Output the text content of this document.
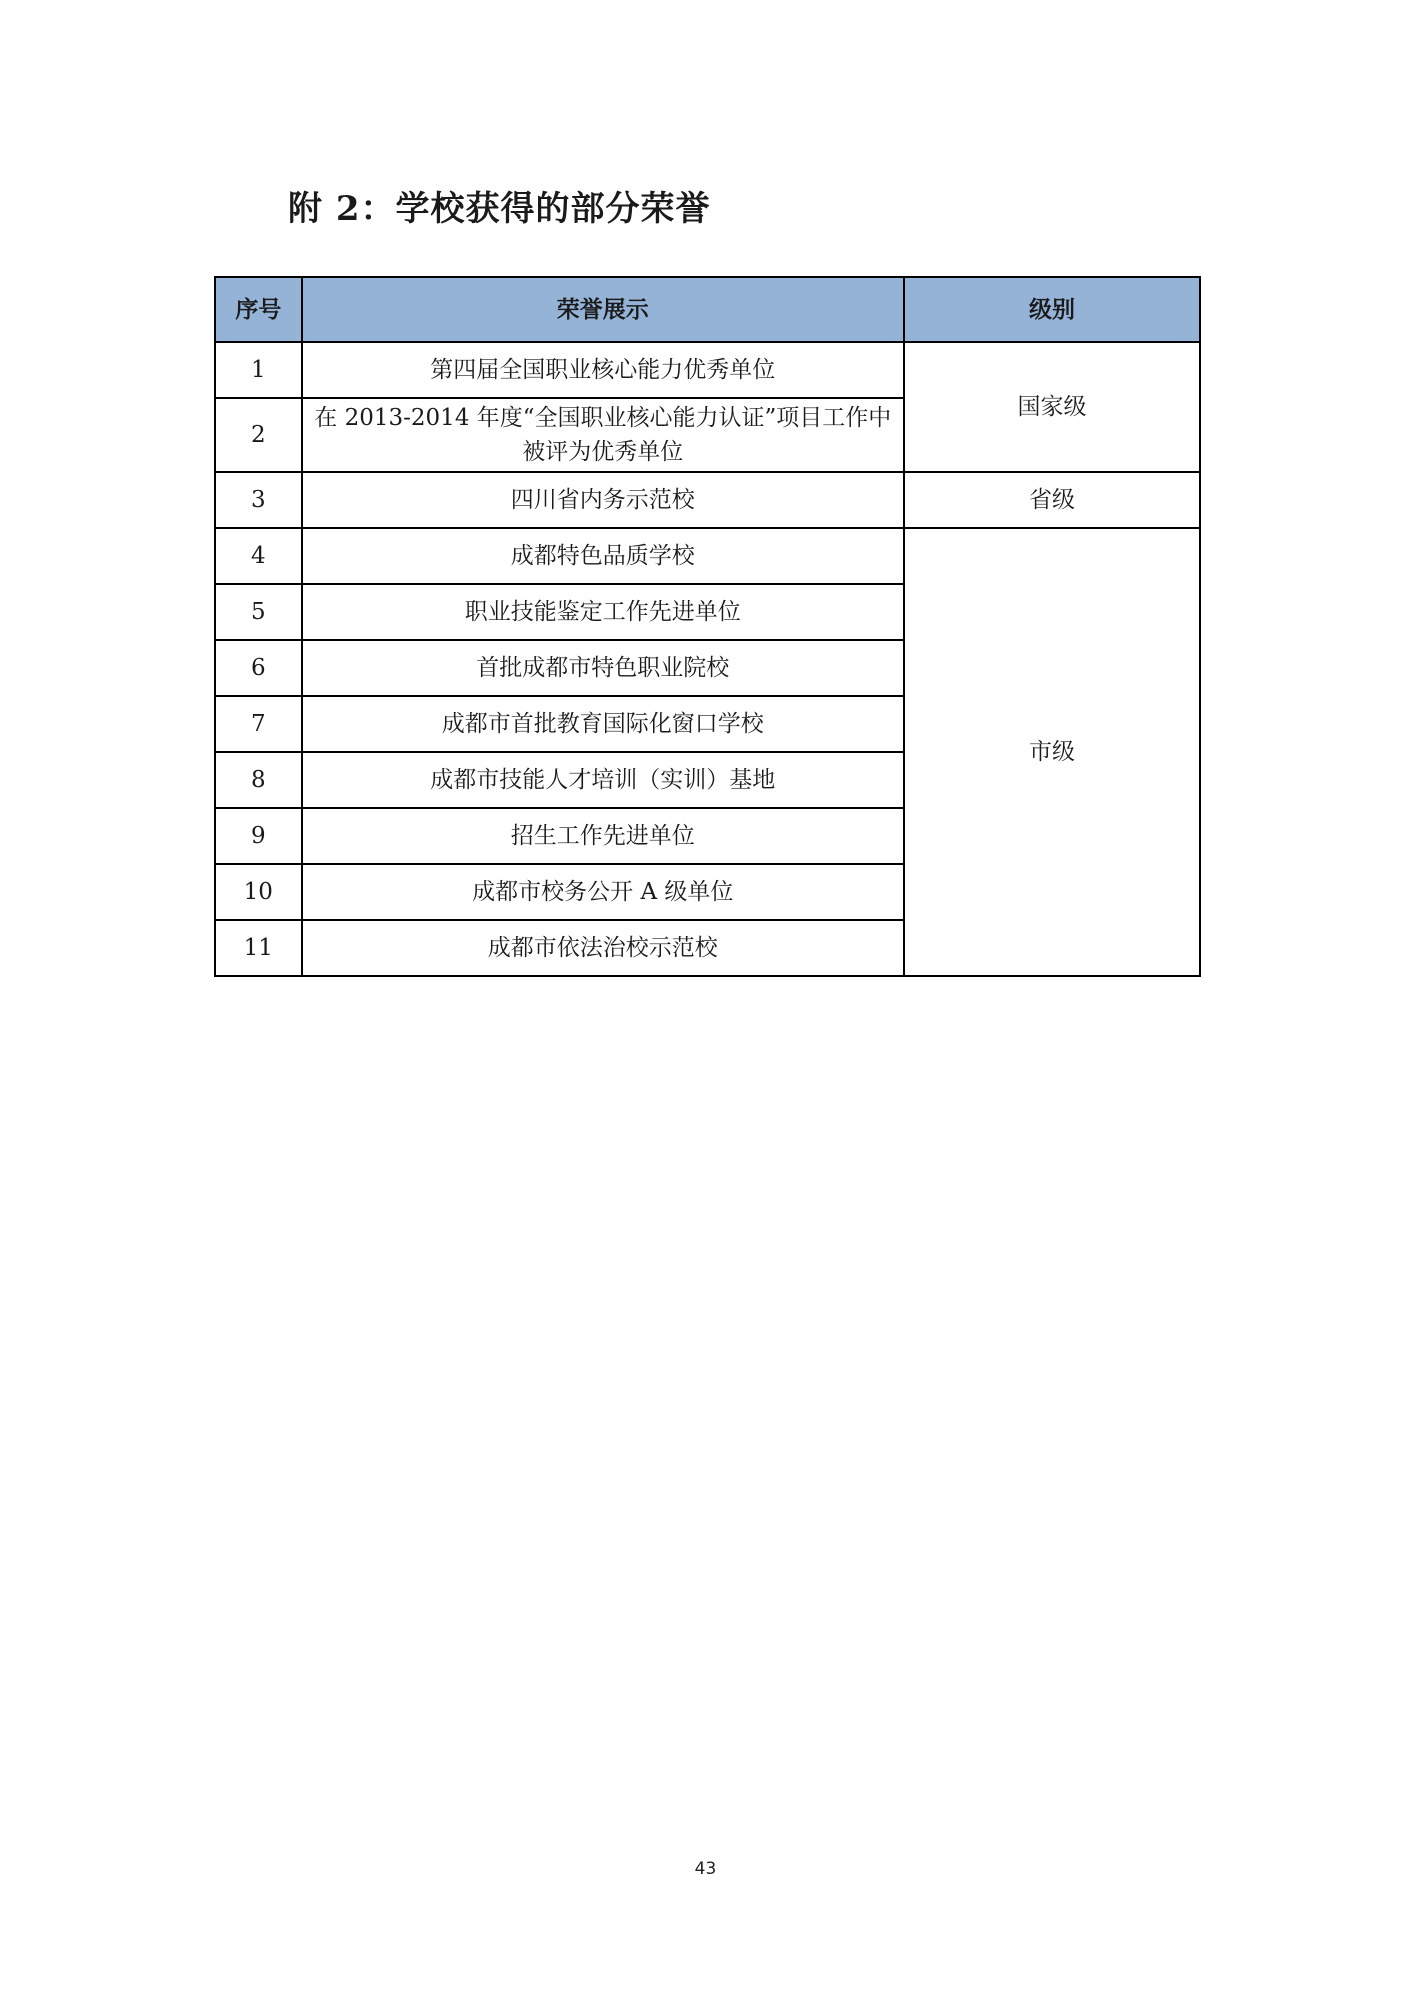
附 2：学校获得的部分荣誉
序号	荣誉展示	级别
1	第四届全国职业核心能力优秀单位	国家级
2	在 2013-2014 年度“全国职业核心能力认证”项目工作中被评为优秀单位	
3	四川省内务示范校	省级
4	成都特色品质学校	市级
5	职业技能鉴定工作先进单位	
6	首批成都市特色职业院校	
7	成都市首批教育国际化窗口学校	
8	成都市技能人才培训（实训）基地	
9	招生工作先进单位	
10	成都市校务公开 A 级单位	
11	成都市依法治校示范校	
43
